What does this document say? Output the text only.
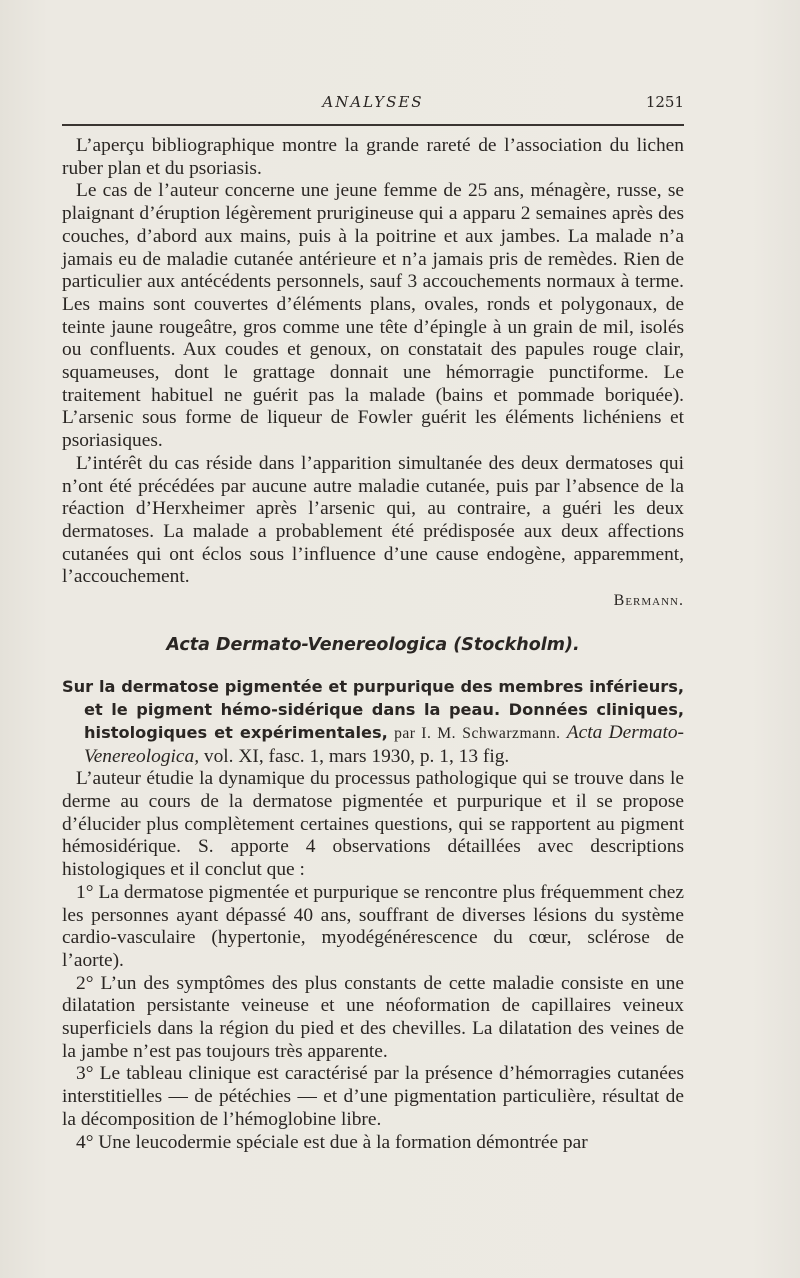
ANALYSES	1251

L’aperçu bibliographique montre la grande rareté de l’association du lichen ruber plan et du psoriasis.

Le cas de l’auteur concerne une jeune femme de 25 ans, ménagère, russe, se plaignant d’éruption légèrement prurigineuse qui a apparu 2 semaines après des couches, d’abord aux mains, puis à la poitrine et aux jambes. La malade n’a jamais eu de maladie cutanée antérieure et n’a jamais pris de remèdes. Rien de particulier aux antécédents personnels, sauf 3 accouchements normaux à terme. Les mains sont couvertes d’éléments plans, ovales, ronds et polygonaux, de teinte jaune rougeâtre, gros comme une tête d’épingle à un grain de mil, isolés ou confluents. Aux coudes et genoux, on constatait des papules rouge clair, squameuses, dont le grattage donnait une hémorragie punctiforme. Le traitement habituel ne guérit pas la malade (bains et pommade boriquée). L’arsenic sous forme de liqueur de Fowler guérit les éléments lichéniens et psoriasiques.

L’intérêt du cas réside dans l’apparition simultanée des deux dermatoses qui n’ont été précédées par aucune autre maladie cutanée, puis par l’absence de la réaction d’Herxheimer après l’arsenic qui, au contraire, a guéri les deux dermatoses. La malade a probablement été prédisposée aux deux affections cutanées qui ont éclos sous l’influence d’une cause endogène, apparemment, l’accouchement.

Bermann.

Acta Dermato-Venereologica (Stockholm).

Sur la dermatose pigmentée et purpurique des membres inférieurs, et le pigment hémo-sidérique dans la peau. Données cliniques, histologiques et expérimentales, par I. M. Schwarzmann. Acta Dermato-Venereologica, vol. XI, fasc. 1, mars 1930, p. 1, 13 fig.

L’auteur étudie la dynamique du processus pathologique qui se trouve dans le derme au cours de la dermatose pigmentée et purpurique et il se propose d’élucider plus complètement certaines questions, qui se rapportent au pigment hémosidérique. S. apporte 4 observations détaillées avec descriptions histologiques et il conclut que :

1° La dermatose pigmentée et purpurique se rencontre plus fréquemment chez les personnes ayant dépassé 40 ans, souffrant de diverses lésions du système cardio-vasculaire (hypertonie, myodégénérescence du cœur, sclérose de l’aorte).

2° L’un des symptômes des plus constants de cette maladie consiste en une dilatation persistante veineuse et une néoformation de capillaires veineux superficiels dans la région du pied et des chevilles. La dilatation des veines de la jambe n’est pas toujours très apparente.

3° Le tableau clinique est caractérisé par la présence d’hémorragies cutanées interstitielles — de pétéchies — et d’une pigmentation particulière, résultat de la décomposition de l’hémoglobine libre.

4° Une leucodermie spéciale est due à la formation démontrée par
